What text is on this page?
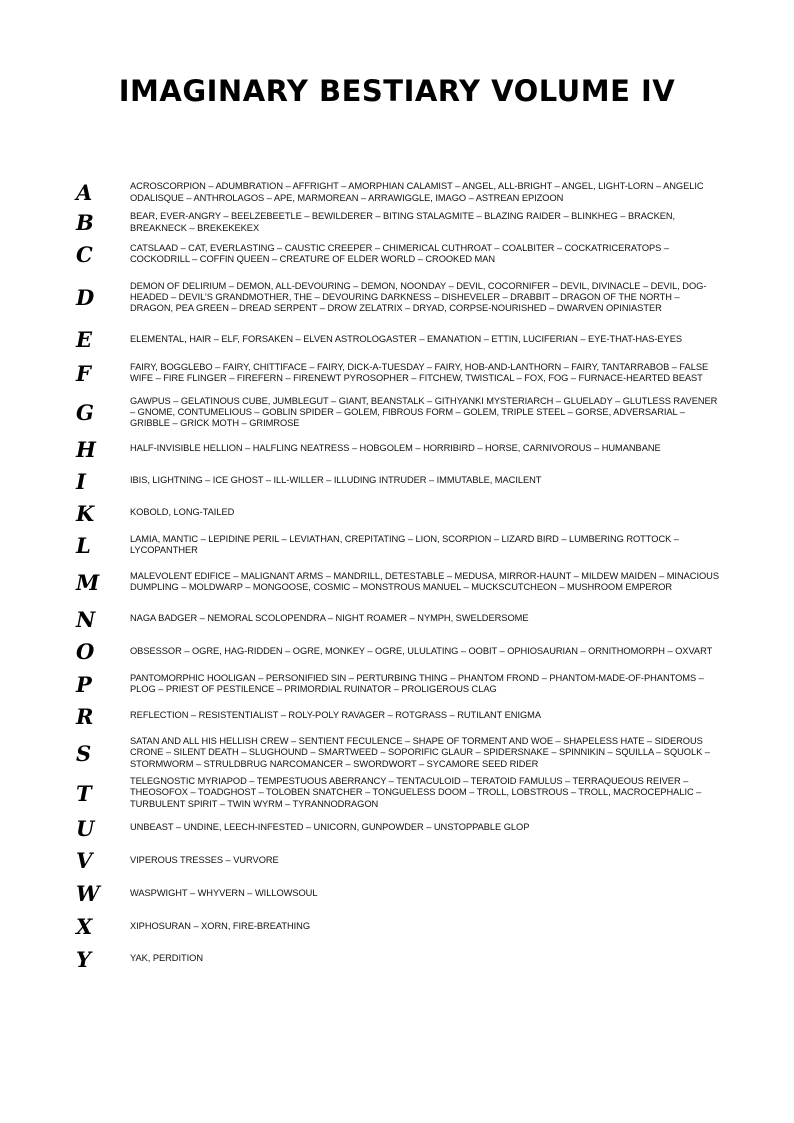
IMAGINARY BESTIARY VOLUME IV
A	ACROSCORPION – ADUMBRATION – AFFRIGHT – AMORPHIAN CALAMIST – ANGEL, ALL-BRIGHT – ANGEL, LIGHT-LORN – ANGELIC ODALISQUE – ANTHROLAGOS – APE, MARMOREAN – ARRAWIGGLE, IMAGO – ASTREAN EPIZOON
B	BEAR, EVER-ANGRY – BEELZEBEETLE – BEWILDERER – BITING STALAGMITE – BLAZING RAIDER – BLINKHEG – BRACKEN, BREAKNECK – BREKEKEKEX
C	CATSLAAD – CAT, EVERLASTING – CAUSTIC CREEPER – CHIMERICAL CUTHROAT – COALBITER – COCKATRICERATOPS – COCKODRILL – COFFIN QUEEN – CREATURE OF ELDER WORLD – CROOKED MAN
D	DEMON OF DELIRIUM – DEMON, ALL-DEVOURING – DEMON, NOONDAY – DEVIL, COCORNIFER – DEVIL, DIVINACLE – DEVIL, DOG-HEADED – DEVIL’S GRANDMOTHER, THE – DEVOURING DARKNESS – DISHEVELER – DRABBIT – DRAGON OF THE NORTH – DRAGON, PEA GREEN – DREAD SERPENT – DROW ZELATRIX – DRYAD, CORPSE-NOURISHED – DWARVEN OPINIASTER
E	ELEMENTAL, HAIR – ELF, FORSAKEN – ELVEN ASTROLOGASTER – EMANATION – ETTIN, LUCIFERIAN – EYE-THAT-HAS-EYES
F	FAIRY, BOGGLEBO – FAIRY, CHITTIFACE – FAIRY, DICK-A-TUESDAY – FAIRY, HOB-AND-LANTHORN – FAIRY, TANTARRABOB – FALSE WIFE – FIRE FLINGER – FIREFERN – FIRENEWT PYROSOPHER – FITCHEW, TWISTICAL – FOX, FOG – FURNACE-HEARTED BEAST
G	GAWPUS – GELATINOUS CUBE, JUMBLEGUT – GIANT, BEANSTALK – GITHYANKI MYSTERIARCH – GLUELADY – GLUTLESS RAVENER – GNOME, CONTUMELIOUS – GOBLIN SPIDER – GOLEM, FIBROUS FORM – GOLEM, TRIPLE STEEL – GORSE, ADVERSARIAL – GRIBBLE – GRICK MOTH – GRIMROSE
H	HALF-INVISIBLE HELLION – HALFLING NEATRESS – HOBGOLEM – HORRIBIRD – HORSE, CARNIVOROUS – HUMANBANE
I	IBIS, LIGHTNING – ICE GHOST – ILL-WILLER – ILLUDING INTRUDER – IMMUTABLE, MACILENT
K	KOBOLD, LONG-TAILED
L	LAMIA, MANTIC – LEPIDINE PERIL – LEVIATHAN, CREPITATING – LION, SCORPION – LIZARD BIRD – LUMBERING ROTTOCK – LYCOPANTHER
M	MALEVOLENT EDIFICE – MALIGNANT ARMS – MANDRILL, DETESTABLE – MEDUSA, MIRROR-HAUNT – MILDEW MAIDEN – MINACIOUS DUMPLING – MOLDWARP – MONGOOSE, COSMIC – MONSTROUS MANUEL – MUCKSCUTCHEON – MUSHROOM EMPEROR
N	NAGA BADGER – NEMORAL SCOLOPENDRA – NIGHT ROAMER – NYMPH, SWELDERSOME
O	OBSESSOR – OGRE, HAG-RIDDEN – OGRE, MONKEY – OGRE, ULULATING – OOBIT – OPHIOSAURIAN – ORNITHOMORPH – OXVART
P	PANTOMORPHIC HOOLIGAN – PERSONIFIED SIN – PERTURBING THING – PHANTOM FROND – PHANTOM-MADE-OF-PHANTOMS – PLOG – PRIEST OF PESTILENCE – PRIMORDIAL RUINATOR – PROLIGEROUS CLAG
R	REFLECTION – RESISTENTIALIST – ROLY-POLY RAVAGER – ROTGRASS – RUTILANT ENIGMA
S	SATAN AND ALL HIS HELLISH CREW – SENTIENT FECULENCE – SHAPE OF TORMENT AND WOE – SHAPELESS HATE – SIDEROUS CRONE – SILENT DEATH – SLUGHOUND – SMARTWEED – SOPORIFIC GLAUR – SPIDERSNAKE – SPINNIKIN – SQUILLA – SQUOLK – STORMWORM – STRULDBRUG NARCOMANCER – SWORDWORT – SYCAMORE SEED RIDER
T	TELEGNOSTIC MYRIAPOD – TEMPESTUOUS ABERRANCY – TENTACULOID – TERATOID FAMULUS – TERRAQUEOUS REIVER – THEOSOFOX – TOADGHOST – TOLOBEN SNATCHER – TONGUELESS DOOM – TROLL, LOBSTROUS – TROLL, MACROCEPHALIC – TURBULENT SPIRIT – TWIN WYRM – TYRANNODRAGON
U	UNBEAST – UNDINE, LEECH-INFESTED – UNICORN, GUNPOWDER – UNSTOPPABLE GLOP
V	VIPEROUS TRESSES – VURVORE
W	WASPWIGHT – WHYVERN – WILLOWSOUL
X	XIPHOSURAN – XORN, FIRE-BREATHING
Y	YAK, PERDITION
